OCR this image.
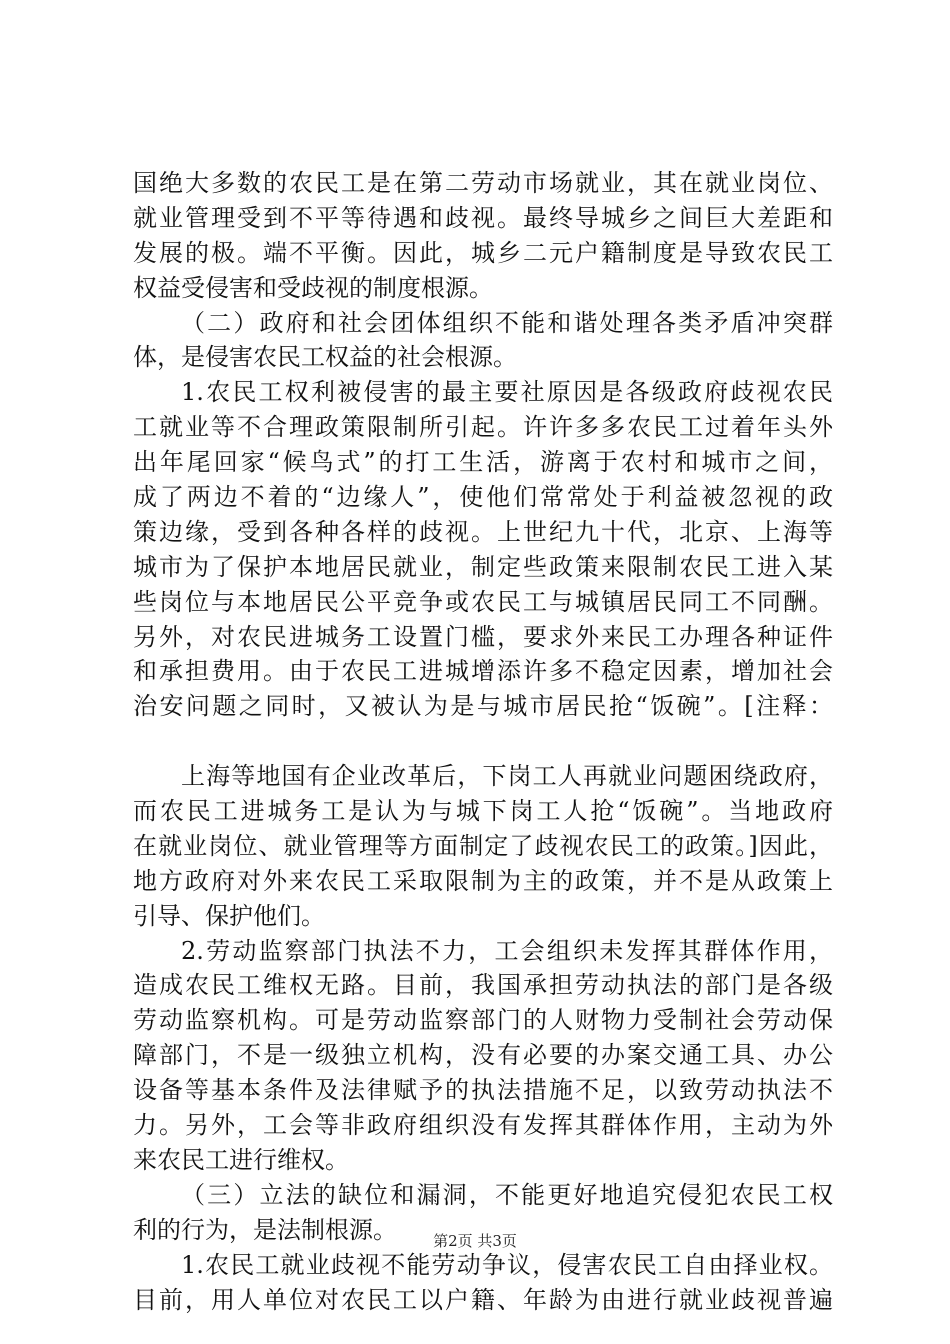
国绝大多数的农民工是在第二劳动市场就业，其在就业岗位、
就业管理受到不平等待遇和歧视。最终导城乡之间巨大差距和
发展的极。端不平衡。因此，城乡二元户籍制度是导致农民工
权益受侵害和受歧视的制度根源。
（二）政府和社会团体组织不能和谐处理各类矛盾冲突群
体，是侵害农民工权益的社会根源。
1.农民工权利被侵害的最主要社原因是各级政府歧视农民
工就业等不合理政策限制所引起。许许多多农民工过着年头外
出年尾回家“候鸟式”的打工生活，游离于农村和城市之间，
成了两边不着的“边缘人”，使他们常常处于利益被忽视的政
策边缘，受到各种各样的歧视。上世纪九十代，北京、上海等
城市为了保护本地居民就业，制定些政策来限制农民工进入某
些岗位与本地居民公平竞争或农民工与城镇居民同工不同酬。
另外，对农民进城务工设置门槛，要求外来民工办理各种证件
和承担费用。由于农民工进城增添许多不稳定因素，增加社会
治安问题之同时，又被认为是与城市居民抢“饭碗”。[注释：
上海等地国有企业改革后，下岗工人再就业问题困绕政府，
而农民工进城务工是认为与城下岗工人抢“饭碗”。当地政府
在就业岗位、就业管理等方面制定了歧视农民工的政策。]因此，
地方政府对外来农民工采取限制为主的政策，并不是从政策上
引导、保护他们。
2.劳动监察部门执法不力，工会组织未发挥其群体作用，
造成农民工维权无路。目前，我国承担劳动执法的部门是各级
劳动监察机构。可是劳动监察部门的人财物力受制社会劳动保
障部门，不是一级独立机构，没有必要的办案交通工具、办公
设备等基本条件及法律赋予的执法措施不足，以致劳动执法不
力。另外，工会等非政府组织没有发挥其群体作用，主动为外
来农民工进行维权。
（三）立法的缺位和漏洞，不能更好地追究侵犯农民工权
利的行为，是法制根源。
1.农民工就业歧视不能劳动争议，侵害农民工自由择业权。
目前，用人单位对农民工以户籍、年龄为由进行就业歧视普遍
第2页 共3页
